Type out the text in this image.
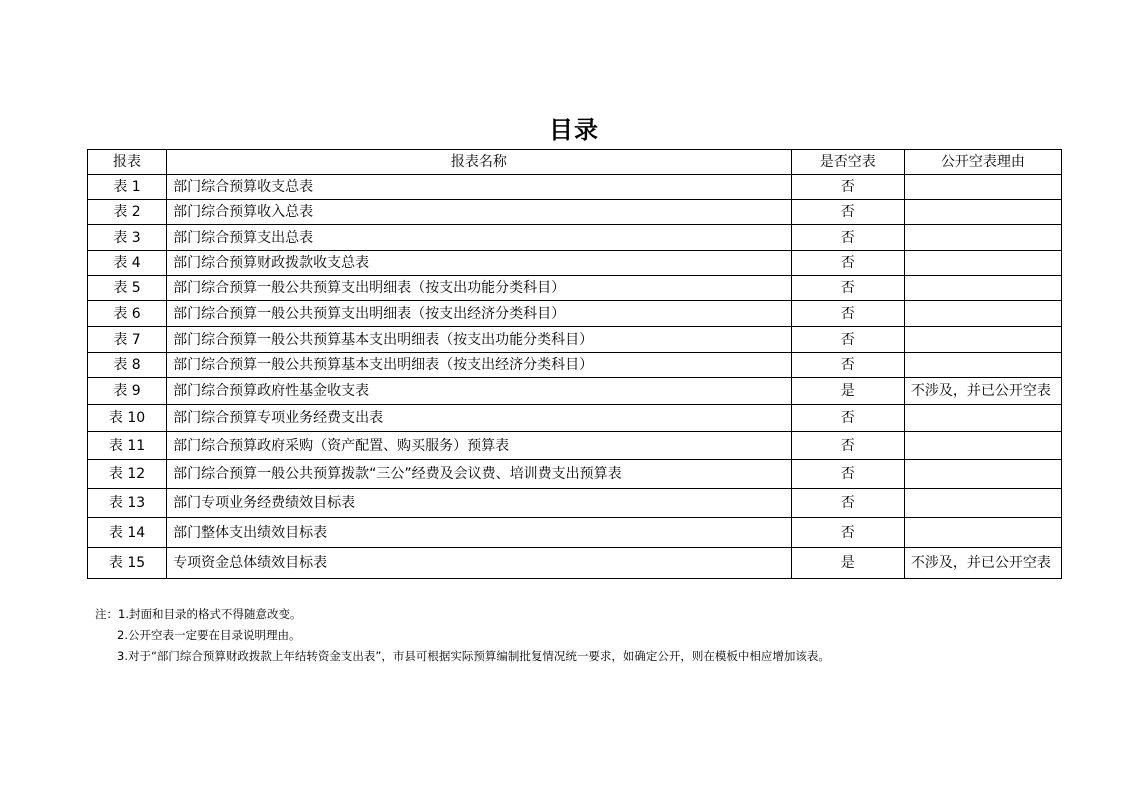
目录
报表	报表名称	是否空表	公开空表理由
表 1	部门综合预算收支总表	否	
表 2	部门综合预算收入总表	否	
表 3	部门综合预算支出总表	否	
表 4	部门综合预算财政拨款收支总表	否	
表 5	部门综合预算一般公共预算支出明细表（按支出功能分类科目）	否	
表 6	部门综合预算一般公共预算支出明细表（按支出经济分类科目）	否	
表 7	部门综合预算一般公共预算基本支出明细表（按支出功能分类科目）	否	
表 8	部门综合预算一般公共预算基本支出明细表（按支出经济分类科目）	否	
表 9	部门综合预算政府性基金收支表	是	不涉及，并已公开空表
表 10	部门综合预算专项业务经费支出表	否	
表 11	部门综合预算政府采购（资产配置、购买服务）预算表	否	
表 12	部门综合预算一般公共预算拨款“三公”经费及会议费、培训费支出预算表	否	
表 13	部门专项业务经费绩效目标表	否	
表 14	部门整体支出绩效目标表	否	
表 15	专项资金总体绩效目标表	是	不涉及，并已公开空表
注：1.封面和目录的格式不得随意改变。
2.公开空表一定要在目录说明理由。
3.对于“部门综合预算财政拨款上年结转资金支出表”，市县可根据实际预算编制批复情况统一要求，如确定公开，则在模板中相应增加该表。
